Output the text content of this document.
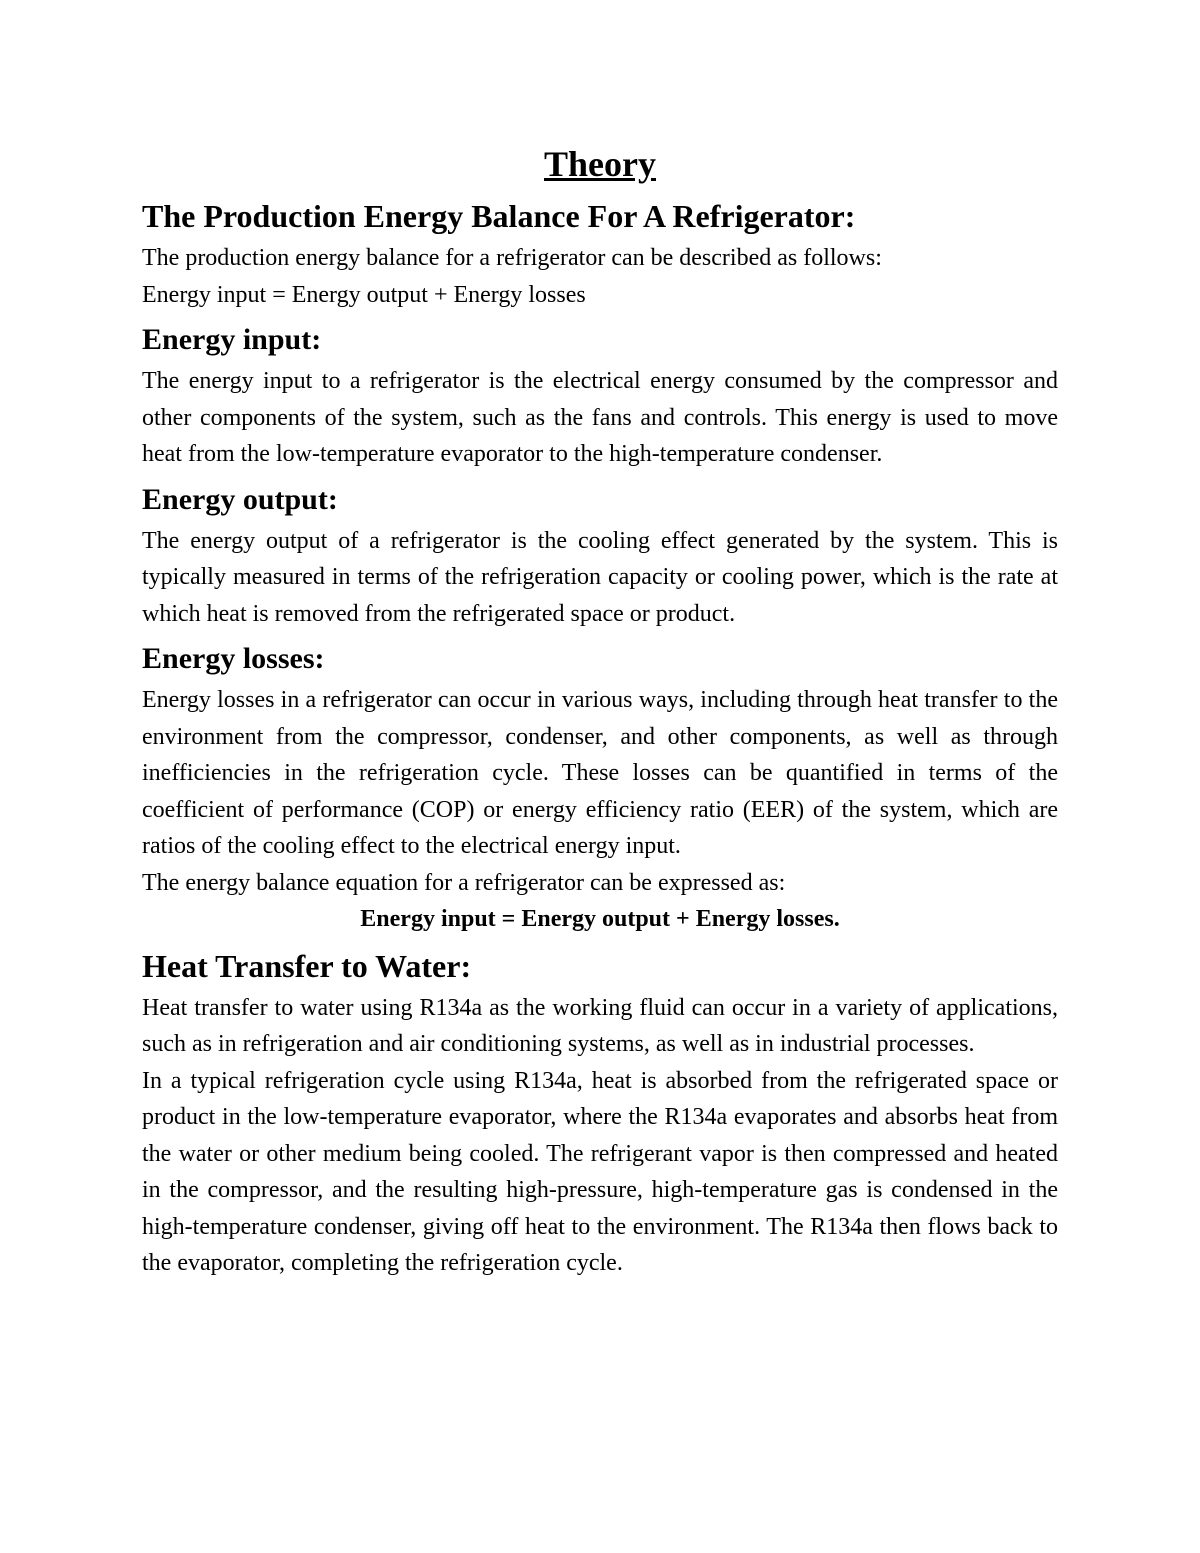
Theory
The Production Energy Balance For A Refrigerator:

The production energy balance for a refrigerator can be described as follows:

Energy input = Energy output + Energy losses

Energy input:

The energy input to a refrigerator is the electrical energy consumed by the compressor and other components of the system, such as the fans and controls. This energy is used to move heat from the low-temperature evaporator to the high-temperature condenser.

Energy output:

The energy output of a refrigerator is the cooling effect generated by the system. This is typically measured in terms of the refrigeration capacity or cooling power, which is the rate at which heat is removed from the refrigerated space or product.

Energy losses:

Energy losses in a refrigerator can occur in various ways, including through heat transfer to the environment from the compressor, condenser, and other components, as well as through inefficiencies in the refrigeration cycle. These losses can be quantified in terms of the coefficient of performance (COP) or energy efficiency ratio (EER) of the system, which are ratios of the cooling effect to the electrical energy input.

The energy balance equation for a refrigerator can be expressed as:

Energy input = Energy output + Energy losses.

Heat Transfer to Water:

Heat transfer to water using R134a as the working fluid can occur in a variety of applications, such as in refrigeration and air conditioning systems, as well as in industrial processes.

In a typical refrigeration cycle using R134a, heat is absorbed from the refrigerated space or product in the low-temperature evaporator, where the R134a evaporates and absorbs heat from the water or other medium being cooled. The refrigerant vapor is then compressed and heated in the compressor, and the resulting high-pressure, high-temperature gas is condensed in the high-temperature condenser, giving off heat to the environment. The R134a then flows back to the evaporator, completing the refrigeration cycle.
